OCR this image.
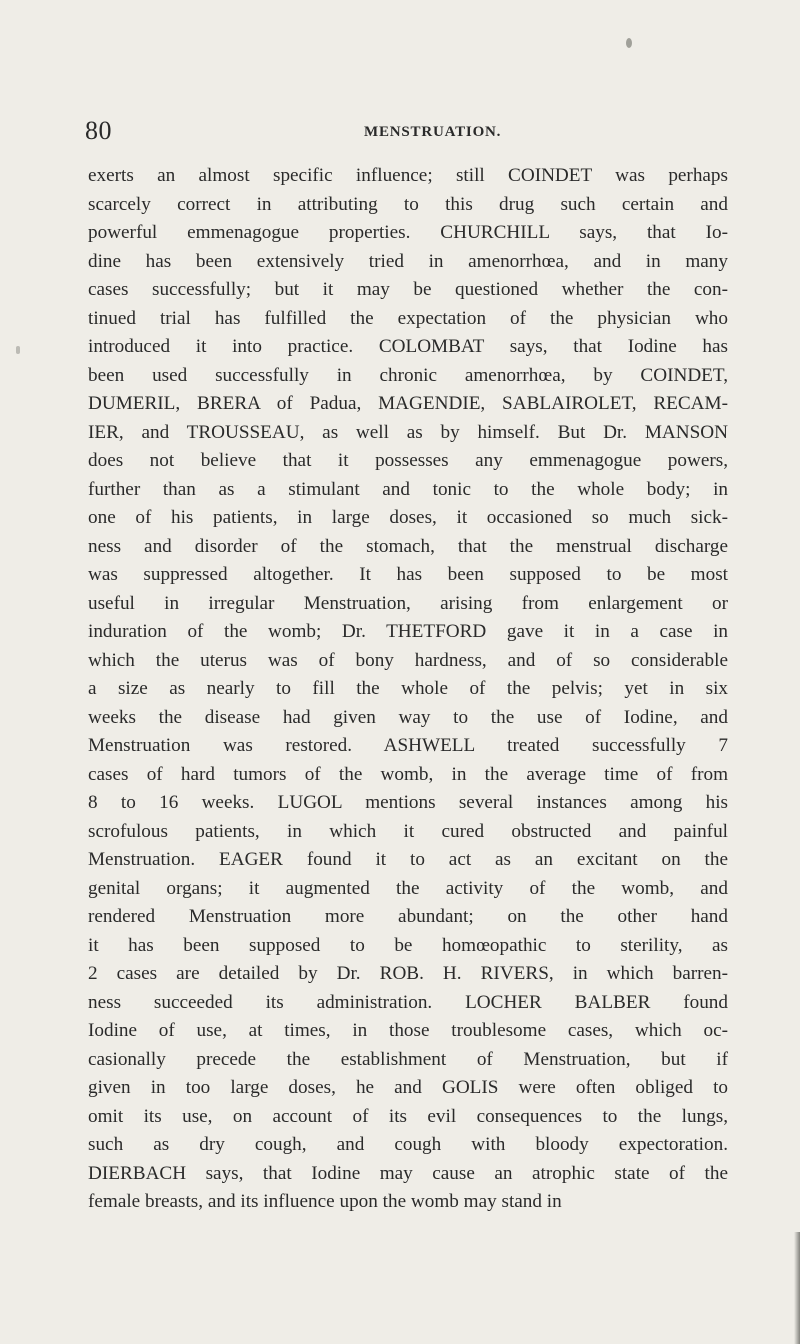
80	MENSTRUATION.
exerts an almost specific influence; still COINDET was perhaps
scarcely correct in attributing to this drug such certain and
powerful emmenagogue properties. CHURCHILL says, that Io-
dine has been extensively tried in amenorrhœa, and in many
cases successfully; but it may be questioned whether the con-
tinued trial has fulfilled the expectation of the physician who
introduced it into practice. COLOMBAT says, that Iodine has
been used successfully in chronic amenorrhœa, by COINDET,
DUMERIL, BRERA of Padua, MAGENDIE, SABLAIROLET, RECAM-
IER, and TROUSSEAU, as well as by himself. But Dr. MANSON
does not believe that it possesses any emmenagogue powers,
further than as a stimulant and tonic to the whole body; in
one of his patients, in large doses, it occasioned so much sick-
ness and disorder of the stomach, that the menstrual discharge
was suppressed altogether. It has been supposed to be most
useful in irregular Menstruation, arising from enlargement or
induration of the womb; Dr. THETFORD gave it in a case in
which the uterus was of bony hardness, and of so considerable
a size as nearly to fill the whole of the pelvis; yet in six
weeks the disease had given way to the use of Iodine, and
Menstruation was restored. ASHWELL treated successfully 7
cases of hard tumors of the womb, in the average time of from
8 to 16 weeks. LUGOL mentions several instances among his
scrofulous patients, in which it cured obstructed and painful
Menstruation. EAGER found it to act as an excitant on the
genital organs; it augmented the activity of the womb, and
rendered Menstruation more abundant; on the other hand
it has been supposed to be homœopathic to sterility, as
2 cases are detailed by Dr. ROB. H. RIVERS, in which barren-
ness succeeded its administration. LOCHER BALBER found
Iodine of use, at times, in those troublesome cases, which oc-
casionally precede the establishment of Menstruation, but if
given in too large doses, he and GOLIS were often obliged to
omit its use, on account of its evil consequences to the lungs,
such as dry cough, and cough with bloody expectoration.
DIERBACH says, that Iodine may cause an atrophic state of the
female breasts, and its influence upon the womb may stand in
